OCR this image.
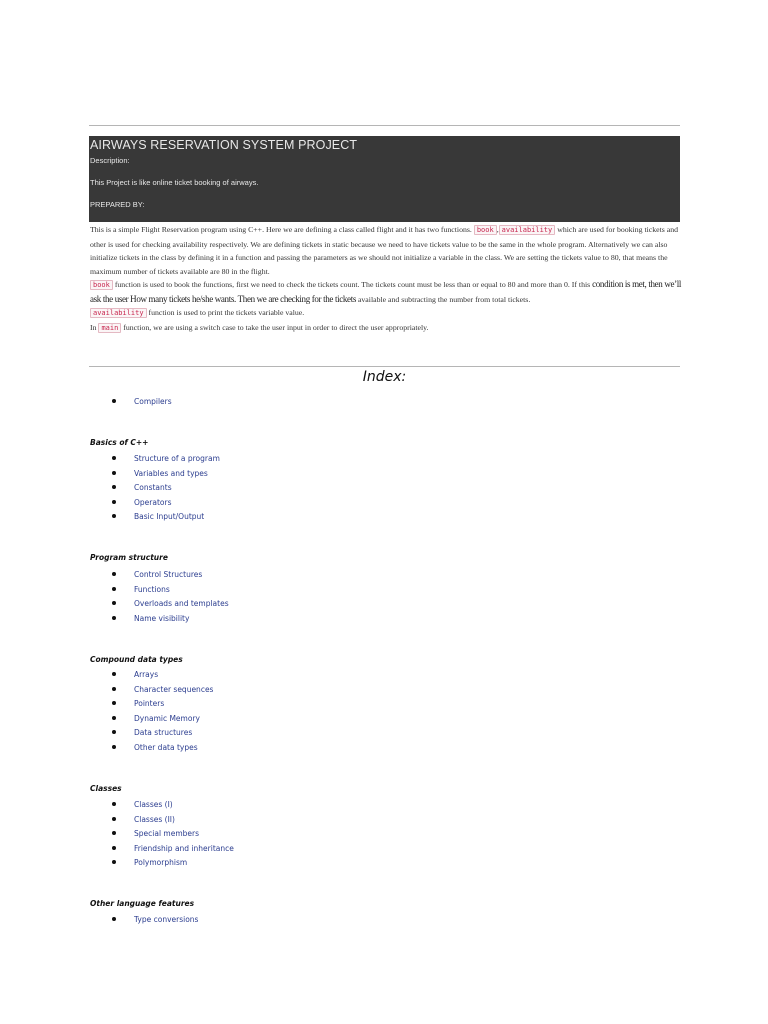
AIRWAYS RESERVATION SYSTEM PROJECT

Description:

This Project is like online ticket booking of airways.

PREPARED BY:

This is a simple Flight Reservation program using C++. Here we are defining a class called flight and it has two functions. book , availability which are used for booking tickets and other is used for checking availability respectively. We are defining tickets in static because we need to have tickets value to be the same in the whole program. Alternatively we can also initialize tickets in the class by defining it in a function and passing the parameters as we should not initialize a variable in the class. We are setting the tickets value to 80, that means the maximum number of tickets available are 80 in the flight.

book function is used to book the functions, first we need to check the tickets count. The tickets count must be less than or equal to 80 and more than 0. If this condition is met, then we’ll ask the user How many tickets he/she wants. Then we are checking for the tickets available and subtracting the number from total tickets.

availability function is used to print the tickets variable value.

In main function, we are using a switch case to take the user input in order to direct the user appropriately.

Index:
Compilers
Basics of C++
Structure of a program
Variables and types
Constants
Operators
Basic Input/Output
Program structure
Control Structures
Functions
Overloads and templates
Name visibility
Compound data types
Arrays
Character sequences
Pointers
Dynamic Memory
Data structures
Other data types
Classes
Classes (I)
Classes (II)
Special members
Friendship and inheritance
Polymorphism
Other language features
Type conversions
